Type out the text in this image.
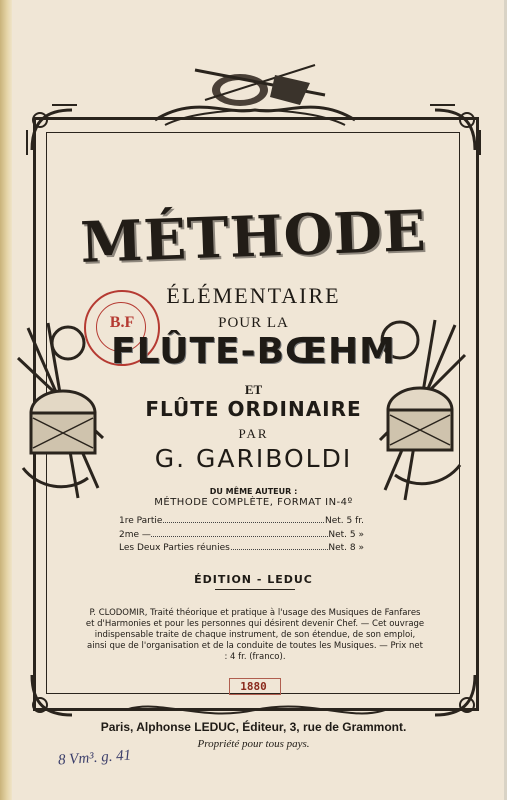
B.F
MÉTHODE
ÉLÉMENTAIRE
POUR LA
FLÛTE-BŒHM
ET
FLÛTE ORDINAIRE
PAR
G. GARIBOLDI
DU MÊME AUTEUR :
MÉTHODE COMPLÈTE, FORMAT IN-4º
1re Partie	Net. 5 fr.
2me —	Net. 5 »
Les Deux Parties réunies	Net. 8 »
ÉDITION - LEDUC
P. CLODOMIR, Traité théorique et pratique à l'usage des Musiques de Fanfares et d'Harmonies et pour les personnes qui désirent devenir Chef. — Cet ouvrage indispensable traite de chaque instrument, de son étendue, de son emploi, ainsi que de l'organisation et de la conduite de toutes les Musiques. — Prix net : 4 fr. (franco).
1880
Paris, Alphonse LEDUC, Éditeur, 3, rue de Grammont.
Propriété pour tous pays.
8 Vm³. g. 41
